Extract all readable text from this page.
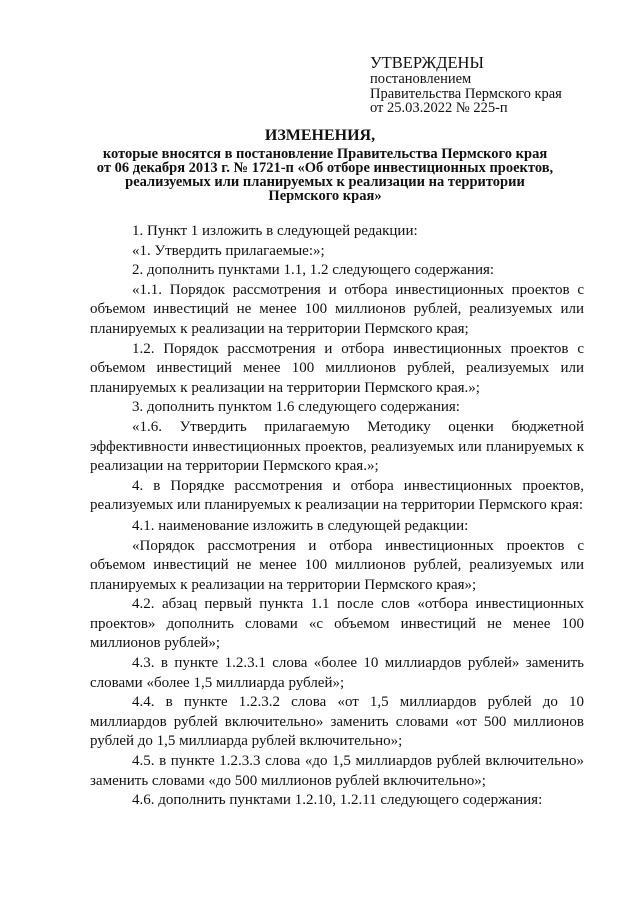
УТВЕРЖДЕНЫ
постановлением
Правительства Пермского края
от 25.03.2022 № 225-п
ИЗМЕНЕНИЯ,
которые вносятся в постановление Правительства Пермского края
от 06 декабря 2013 г. № 1721-п «Об отборе инвестиционных проектов,
реализуемых или планируемых к реализации на территории
Пермского края»

1. Пункт 1 изложить в следующей редакции:

«1. Утвердить прилагаемые:»;

2. дополнить пунктами 1.1, 1.2 следующего содержания:

«1.1. Порядок рассмотрения и отбора инвестиционных проектов с объемом инвестиций не менее 100 миллионов рублей, реализуемых или планируемых к реализации на территории Пермского края;

1.2. Порядок рассмотрения и отбора инвестиционных проектов с объемом инвестиций менее 100 миллионов рублей, реализуемых или планируемых к реализации на территории Пермского края.»;

3. дополнить пунктом 1.6 следующего содержания:

«1.6. Утвердить прилагаемую Методику оценки бюджетной эффективности инвестиционных проектов, реализуемых или планируемых к реализации на территории Пермского края.»;

4. в Порядке рассмотрения и отбора инвестиционных проектов, реализуемых или планируемых к реализации на территории Пермского края:

4.1. наименование изложить в следующей редакции:

«Порядок рассмотрения и отбора инвестиционных проектов с объемом инвестиций не менее 100 миллионов рублей, реализуемых или планируемых к реализации на территории Пермского края»;

4.2. абзац первый пункта 1.1 после слов «отбора инвестиционных проектов» дополнить словами «с объемом инвестиций не менее 100 миллионов рублей»;

4.3. в пункте 1.2.3.1 слова «более 10 миллиардов рублей» заменить словами «более 1,5 миллиарда рублей»;

4.4. в пункте 1.2.3.2 слова «от 1,5 миллиардов рублей до 10 миллиардов рублей включительно» заменить словами «от 500 миллионов рублей до 1,5 миллиарда рублей включительно»;

4.5. в пункте 1.2.3.3 слова «до 1,5 миллиардов рублей включительно» заменить словами «до 500 миллионов рублей включительно»;

4.6. дополнить пунктами 1.2.10, 1.2.11 следующего содержания:
